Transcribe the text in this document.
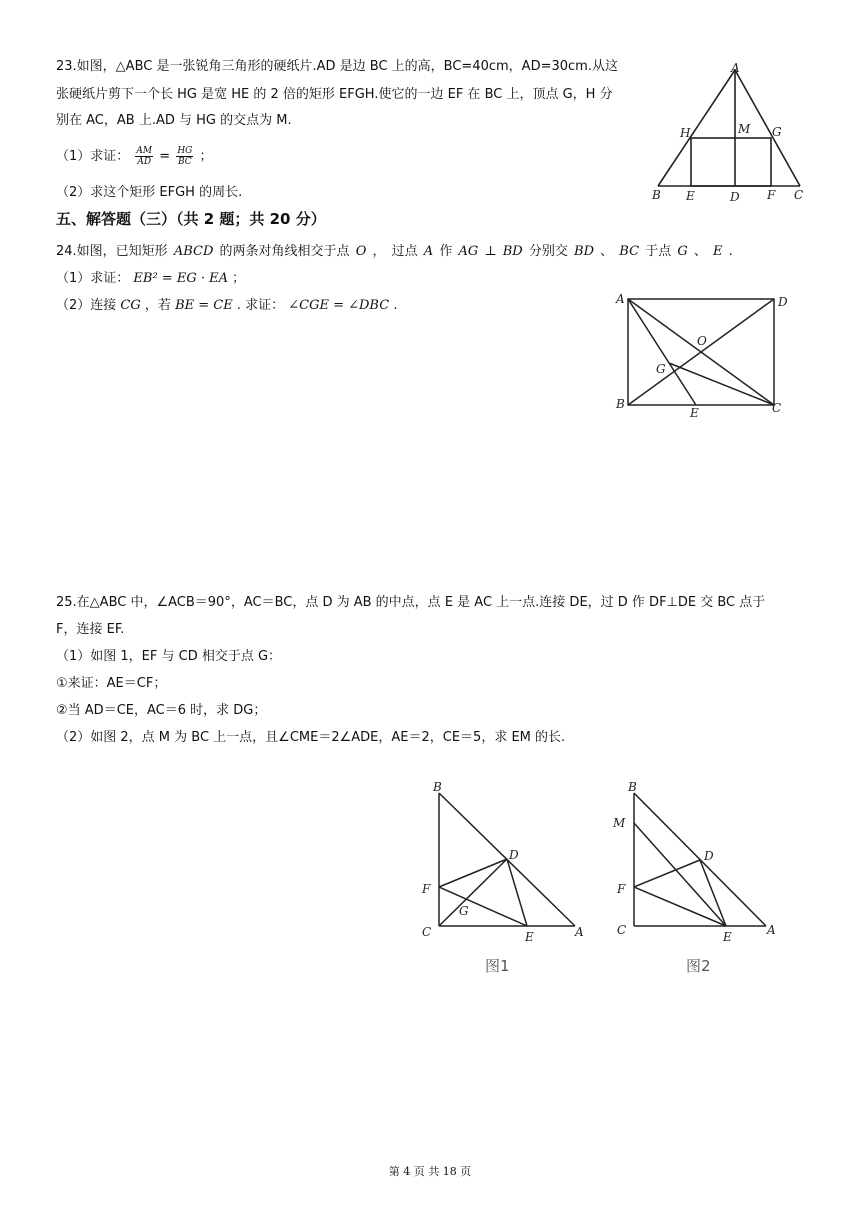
23.如图，△ABC 是一张锐角三角形的硬纸片.AD 是边 BC 上的高，BC=40cm，AD=30cm.从这
张硬纸片剪下一个长 HG 是宽 HE 的 2 倍的矩形 EFGH.使它的一边 EF 在 BC 上，顶点 G，H 分
别在 AC，AB 上.AD 与 HG 的交点为 M.
（1）求证： $\frac{AM}{AD} = \frac{HG}{BC}$ ；
（2）求这个矩形 EFGH 的周长.
A
H	M G
B E	D F C
五、解答题（三）（共 2 题；共 20 分）
24.如图，已知矩形 ABCD 的两条对角线相交于点 O ， 过点 A 作 AG ⊥ BD 分别交 BD 、 BC 于点 G 、 E .
（1）求证： EB² = EG · EA ；
（2）连接 CG ，若 BE = CE . 求证： ∠CGE = ∠DBC .	A	D
O
G
B
E	C
25.在△ABC 中，∠ACB＝90°，AC＝BC，点 D 为 AB 的中点，点 E 是 AC 上一点.连接 DE，过 D 作 DF⊥DE 交 BC 点于
F，连接 EF.
（1）如图 1，EF 与 CD 相交于点 G：
①来证：AE＝CF；
②当 AD＝CE，AC＝6 时，求 DG；
（2）如图 2，点 M 为 BC 上一点，且∠CME＝2∠ADE，AE＝2，CE＝5，求 EM 的长.
B
D
F
G
C	E	A
图1
B
M
D
F
C	E	A
图2
第 4 页 共 18 页
